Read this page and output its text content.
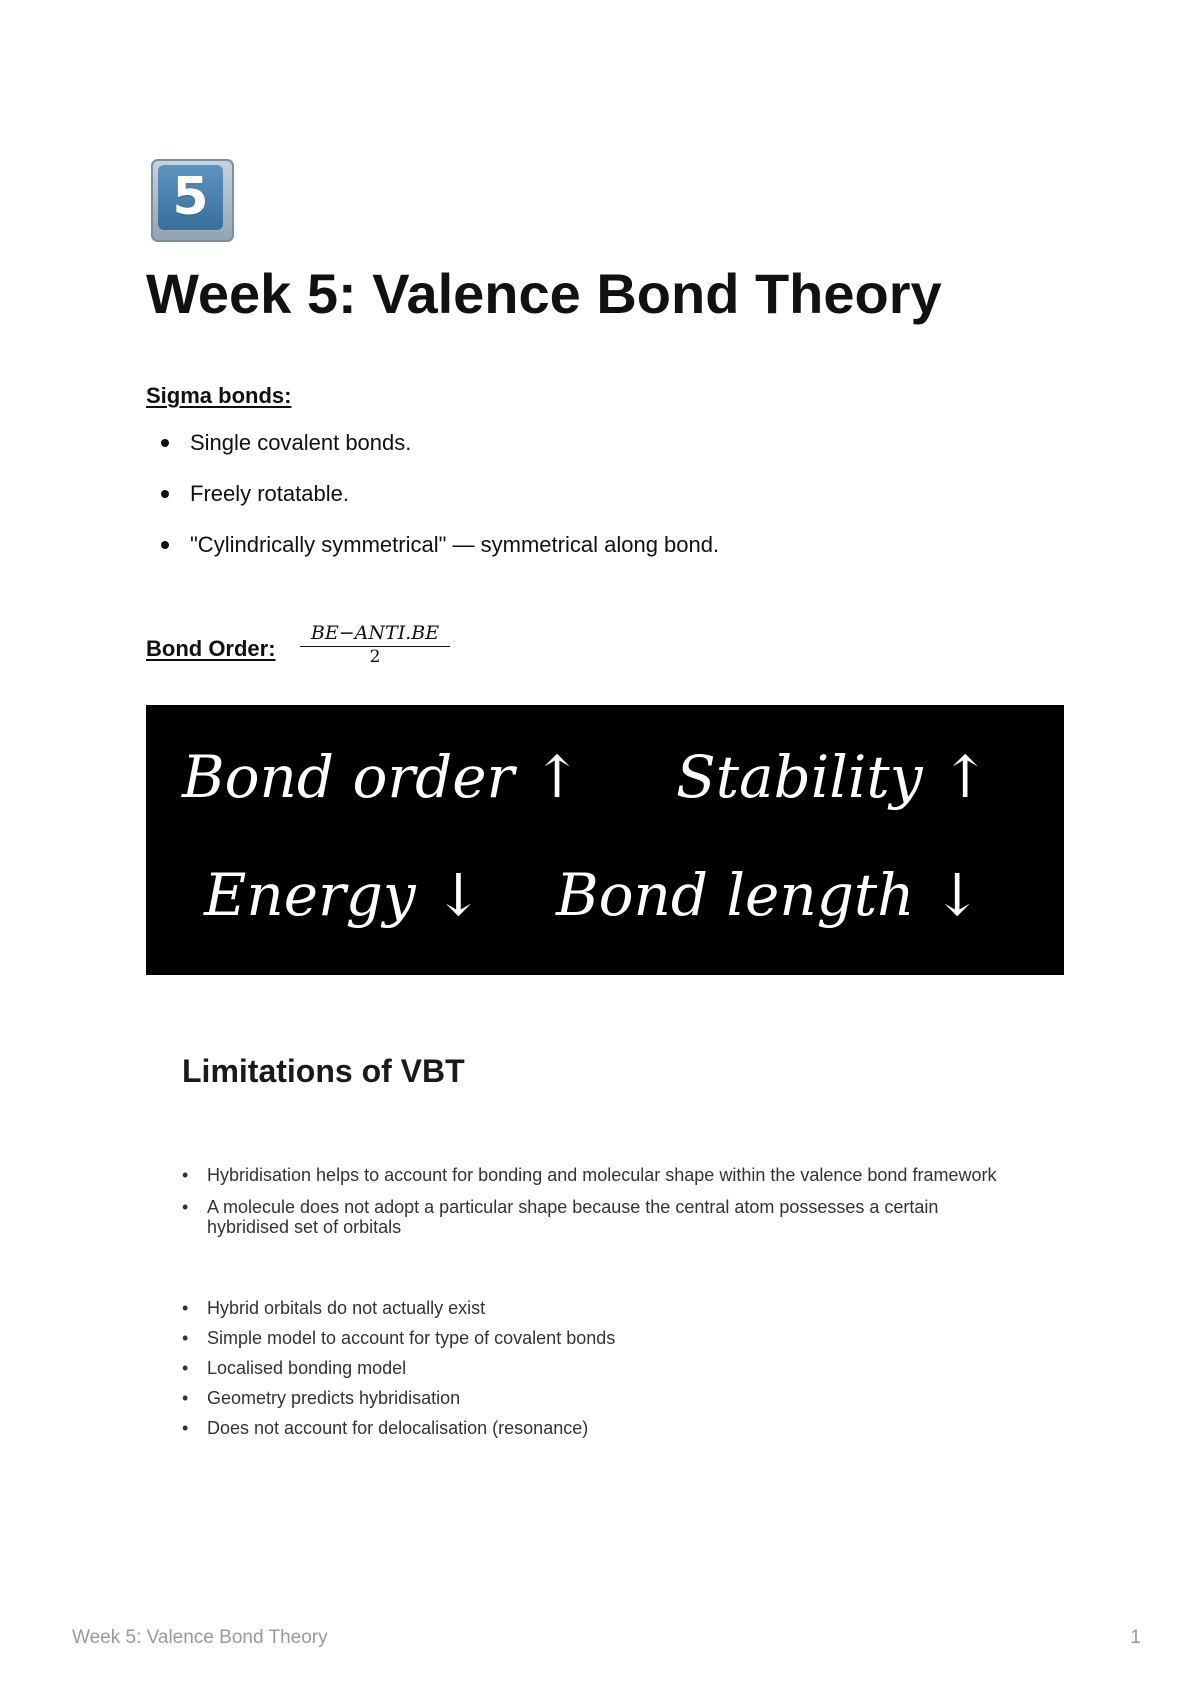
5
Week 5: Valence Bond Theory
Sigma bonds:
Single covalent bonds.
Freely rotatable.
"Cylindrically symmetrical" — symmetrical along bond.
Bond Order:
BE−ANTI.BE
2
Bond order ↑ Stability ↑
Energy ↓ Bond length ↓
Limitations of VBT
• Hybridisation helps to account for bonding and molecular shape within the valence bond framework
• A molecule does not adopt a particular shape because the central atom possesses a certain hybridised set of orbitals
• Hybrid orbitals do not actually exist
• Simple model to account for type of covalent bonds
• Localised bonding model
• Geometry predicts hybridisation
• Does not account for delocalisation (resonance)
Week 5: Valence Bond Theory	1
